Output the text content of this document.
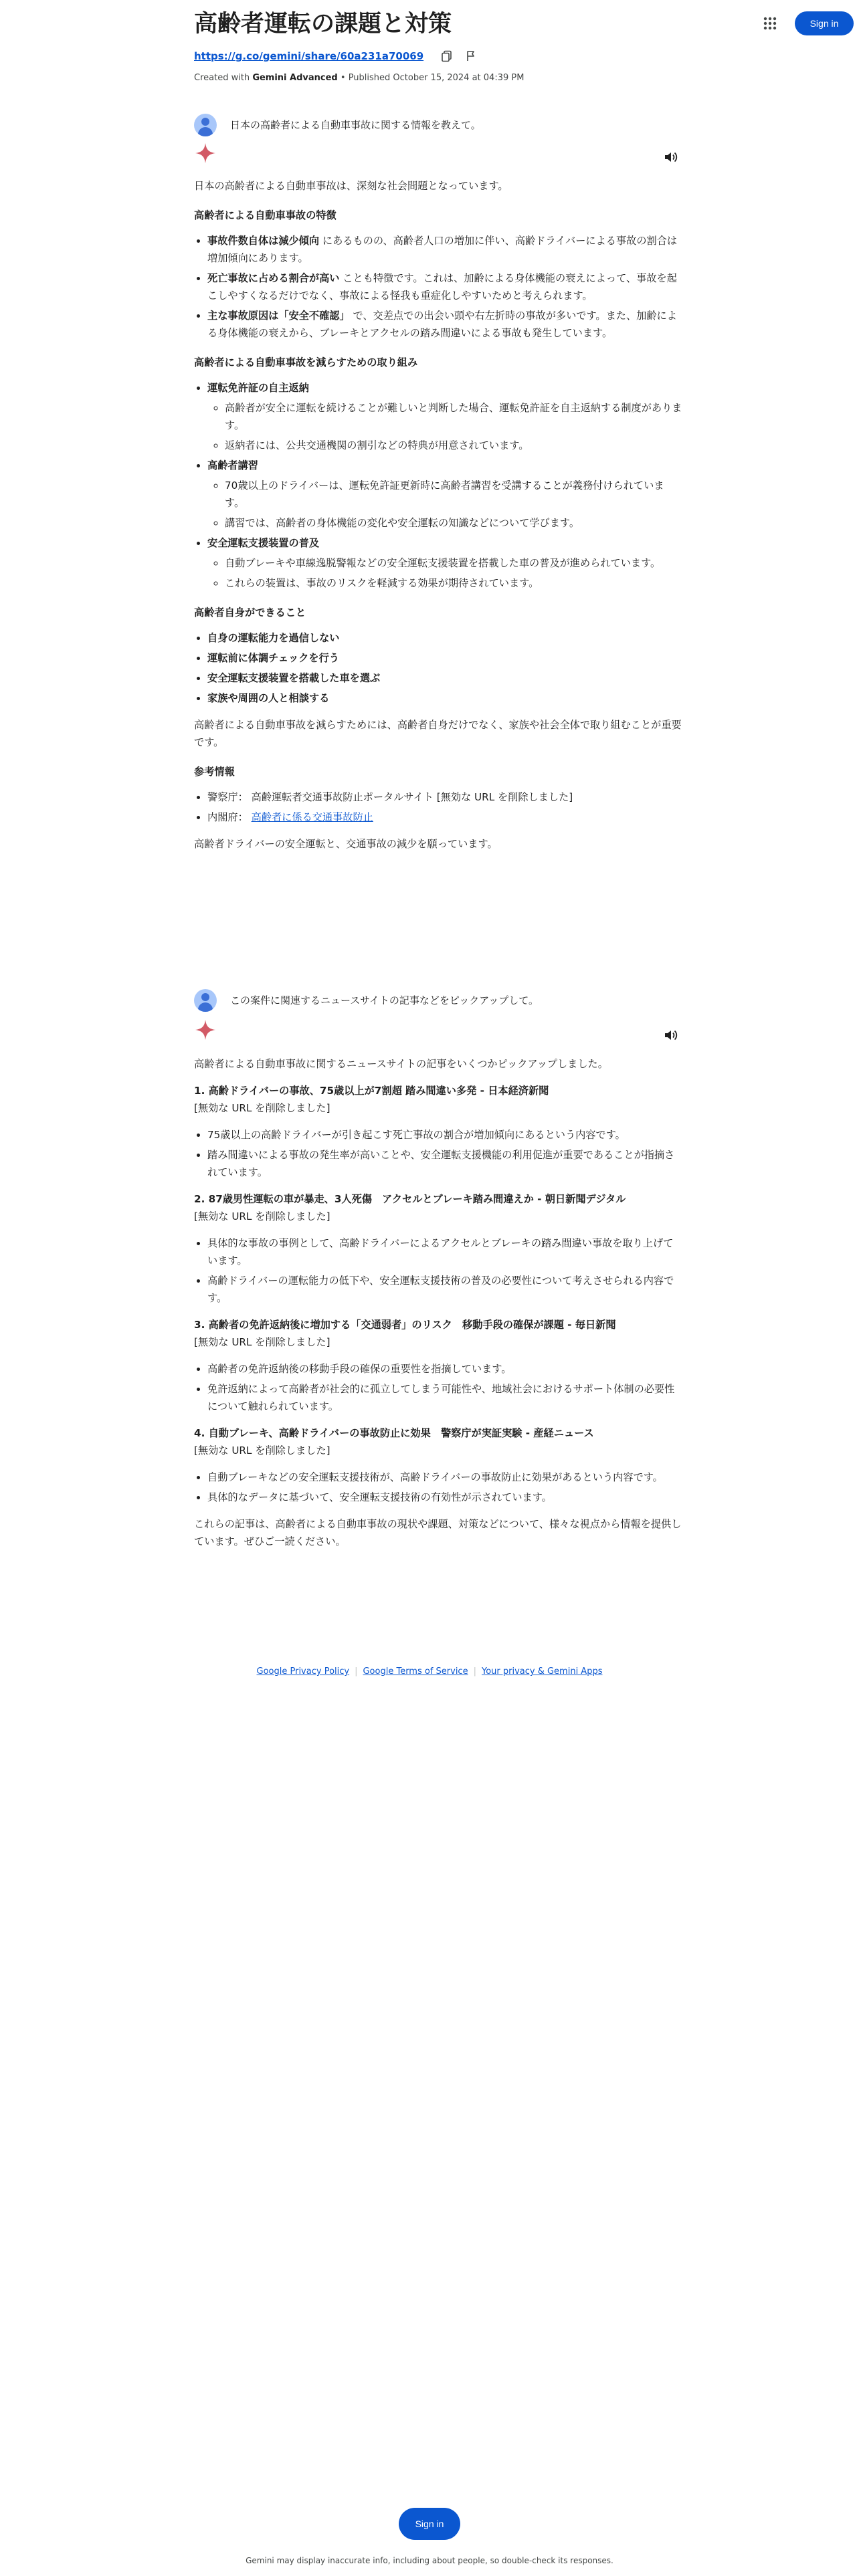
高齢者運転の課題と対策
https://g.co/gemini/share/60a231a70069
Created with Gemini Advanced • Published October 15, 2024 at 04:39 PM
Sign in
日本の高齢者による自動車事故に関する情報を教えて。

日本の高齢者による自動車事故は、深刻な社会問題となっています。

高齢者による自動車事故の特徴
• 事故件数自体は減少傾向 にあるものの、高齢者人口の増加に伴い、高齢ドライバーによる事故の割合は増加傾向にあります。
• 死亡事故に占める割合が高い ことも特徴です。これは、加齢による身体機能の衰えによって、事故を起こしやすくなるだけでなく、事故による怪我も重症化しやすいためと考えられます。
• 主な事故原因は「安全不確認」 で、交差点での出会い頭や右左折時の事故が多いです。また、加齢による身体機能の衰えから、ブレーキとアクセルの踏み間違いによる事故も発生しています。
高齢者による自動車事故を減らすための取り組み
• 運転免許証の自主返納
◦ 高齢者が安全に運転を続けることが難しいと判断した場合、運転免許証を自主返納する制度があります。
◦ 返納者には、公共交通機関の割引などの特典が用意されています。
• 高齢者講習
◦ 70歳以上のドライバーは、運転免許証更新時に高齢者講習を受講することが義務付けられています。
◦ 講習では、高齢者の身体機能の変化や安全運転の知識などについて学びます。
• 安全運転支援装置の普及
◦ 自動ブレーキや車線逸脱警報などの安全運転支援装置を搭載した車の普及が進められています。
◦ これらの装置は、事故のリスクを軽減する効果が期待されています。
高齢者自身ができること
• 自身の運転能力を過信しない
• 運転前に体調チェックを行う
• 安全運転支援装置を搭載した車を選ぶ
• 家族や周囲の人と相談する

高齢者による自動車事故を減らすためには、高齢者自身だけでなく、家族や社会全体で取り組むことが重要です。

参考情報
• 警察庁： 高齢運転者交通事故防止ポータルサイト [無効な URL を削除しました]
• 内閣府： 高齢者に係る交通事故防止

高齢者ドライバーの安全運転と、交通事故の減少を願っています。

この案件に関連するニュースサイトの記事などをピックアップして。

高齢者による自動車事故に関するニュースサイトの記事をいくつかピックアップしました。

1. 高齢ドライバーの事故、75歳以上が7割超 踏み間違い多発 - 日本経済新聞

[無効な URL を削除しました]

• 75歳以上の高齢ドライバーが引き起こす死亡事故の割合が増加傾向にあるという内容です。
• 踏み間違いによる事故の発生率が高いことや、安全運転支援機能の利用促進が重要であることが指摘されています。
2. 87歳男性運転の車が暴走、3人死傷　アクセルとブレーキ踏み間違えか - 朝日新聞デジタル

[無効な URL を削除しました]

• 具体的な事故の事例として、高齢ドライバーによるアクセルとブレーキの踏み間違い事故を取り上げています。
• 高齢ドライバーの運転能力の低下や、安全運転支援技術の普及の必要性について考えさせられる内容です。
3. 高齢者の免許返納後に増加する「交通弱者」のリスク　移動手段の確保が課題 - 毎日新聞

[無効な URL を削除しました]

• 高齢者の免許返納後の移動手段の確保の重要性を指摘しています。
• 免許返納によって高齢者が社会的に孤立してしまう可能性や、地域社会におけるサポート体制の必要性について触れられています。
4. 自動ブレーキ、高齢ドライバーの事故防止に効果　警察庁が実証実験 - 産経ニュース

[無効な URL を削除しました]

• 自動ブレーキなどの安全運転支援技術が、高齢ドライバーの事故防止に効果があるという内容です。
• 具体的なデータに基づいて、安全運転支援技術の有効性が示されています。

これらの記事は、高齢者による自動車事故の現状や課題、対策などについて、様々な視点から情報を提供しています。ぜひご一読ください。

Google Privacy Policy | Google Terms of Service | Your privacy & Gemini Apps
Sign in
Gemini may display inaccurate info, including about people, so double-check its responses.
